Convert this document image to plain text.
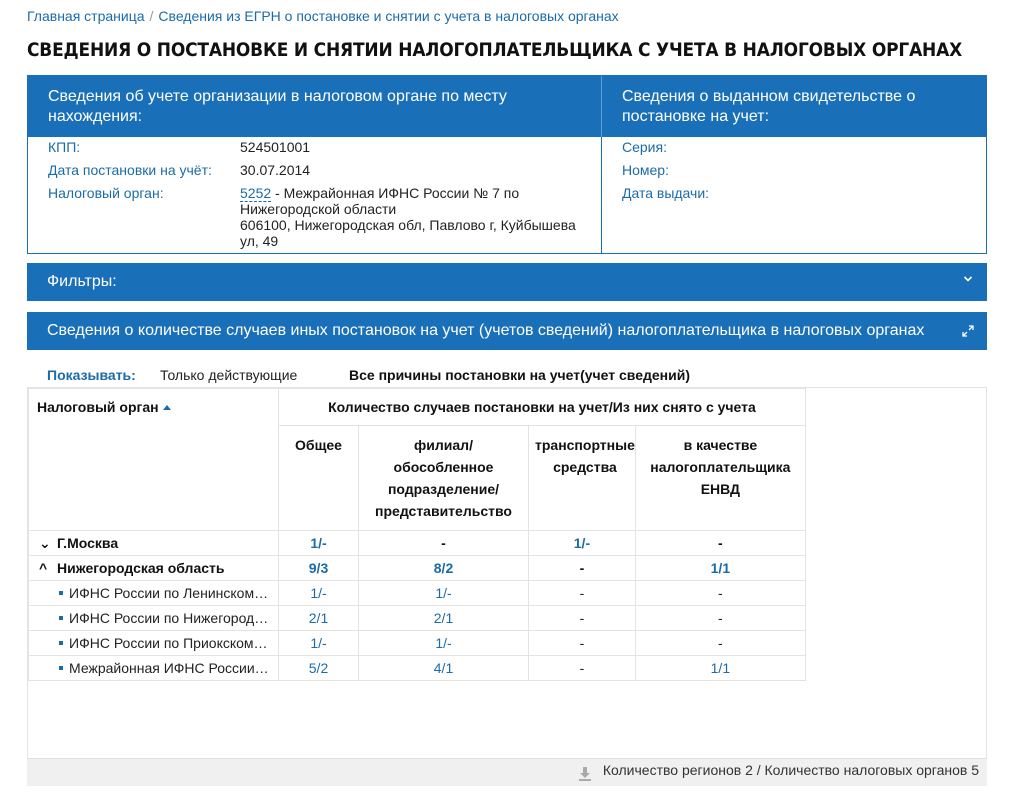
Главная страница / Сведения из ЕГРН о постановке и снятии с учета в налоговых органах
СВЕДЕНИЯ О ПОСТАНОВКЕ И СНЯТИИ НАЛОГОПЛАТЕЛЬЩИКА С УЧЕТА В НАЛОГОВЫХ ОРГАНАХ
Сведения об учете организации в налоговом органе по месту нахождения:
Сведения о выданном свидетельстве о постановке на учет:
КПП:	524501001
Дата постановки на учёт:	30.07.2014
Налоговый орган:	5252 - Межрайонная ИФНС России № 7 по Нижегородской области
606100, Нижегородская обл, Павлово г, Куйбышева ул, 49
Серия:
Номер:
Дата выдачи:
Фильтры:
Сведения о количестве случаев иных постановок на учет (учетов сведений) налогоплательщика в налоговых органах
Показывать: Только действующие	Все причины постановки на учет(учет сведений)
Налоговый орган	Количество случаев постановки на учет/Из них снято с учета			
	Общее	филиал/ обособленное подразделение/ представительство	транспортные средства	в качестве налогоплательщика ЕНВД
⌄ Г.Москва	1/-	-	1/-	-
^ Нижегородская область	9/3	8/2	-	1/1
ИФНС России по Ленинском…	1/-	1/-	-	-
ИФНС России по Нижегород…	2/1	2/1	-	-
ИФНС России по Приокском…	1/-	1/-	-	-
Межрайонная ИФНС России…	5/2	4/1	-	1/1
Количество регионов 2 / Количество налоговых органов 5
